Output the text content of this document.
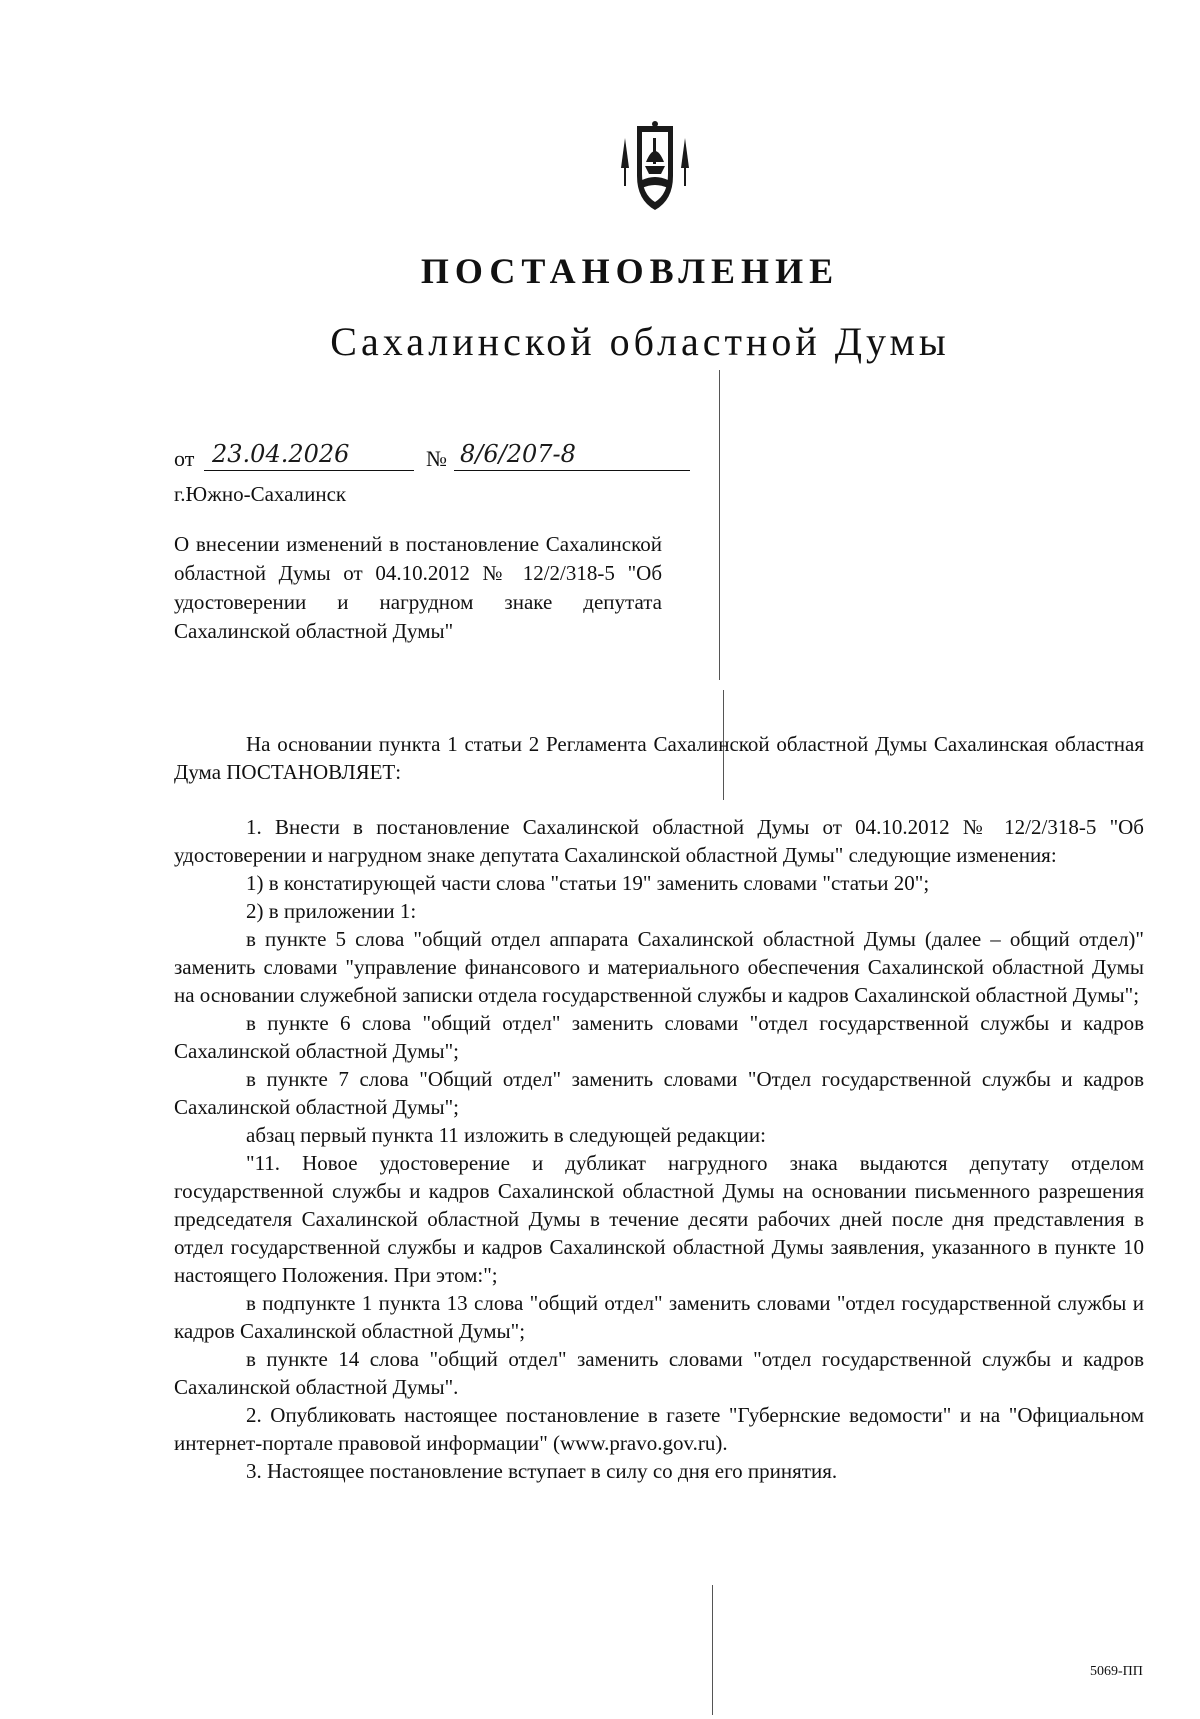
ПОСТАНОВЛЕНИЕ
Сахалинской областной Думы
от 23.04.2026	№ 8/6/207-8
г.Южно-Сахалинск
О внесении изменений в постановление Сахалинской областной Думы от 04.10.2012 № 12/2/318-5 "Об удостоверении и нагрудном знаке депутата Сахалинской областной Думы"

На основании пункта 1 статьи 2 Регламента Сахалинской областной Думы Сахалинская областная Дума ПОСТАНОВЛЯЕТ:

1. Внести в постановление Сахалинской областной Думы от 04.10.2012 № 12/2/318-5 "Об удостоверении и нагрудном знаке депутата Сахалинской областной Думы" следующие изменения:

1) в констатирующей части слова "статьи 19" заменить словами "статьи 20";

2) в приложении 1:

в пункте 5 слова "общий отдел аппарата Сахалинской областной Думы (далее – общий отдел)" заменить словами "управление финансового и материального обеспечения Сахалинской областной Думы на основании служебной записки отдела государственной службы и кадров Сахалинской областной Думы";

в пункте 6 слова "общий отдел" заменить словами "отдел государственной службы и кадров Сахалинской областной Думы";

в пункте 7 слова "Общий отдел" заменить словами "Отдел государственной службы и кадров Сахалинской областной Думы";

абзац первый пункта 11 изложить в следующей редакции:

"11. Новое удостоверение и дубликат нагрудного знака выдаются депутату отделом государственной службы и кадров Сахалинской областной Думы на основании письменного разрешения председателя Сахалинской областной Думы в течение десяти рабочих дней после дня представления в отдел государственной службы и кадров Сахалинской областной Думы заявления, указанного в пункте 10 настоящего Положения. При этом:";

в подпункте 1 пункта 13 слова "общий отдел" заменить словами "отдел государственной службы и кадров Сахалинской областной Думы";

в пункте 14 слова "общий отдел" заменить словами "отдел государственной службы и кадров Сахалинской областной Думы".

2. Опубликовать настоящее постановление в газете "Губернские ведомости" и на "Официальном интернет-портале правовой информации" (www.pravo.gov.ru).

3. Настоящее постановление вступает в силу со дня его принятия.

5069-ПП
